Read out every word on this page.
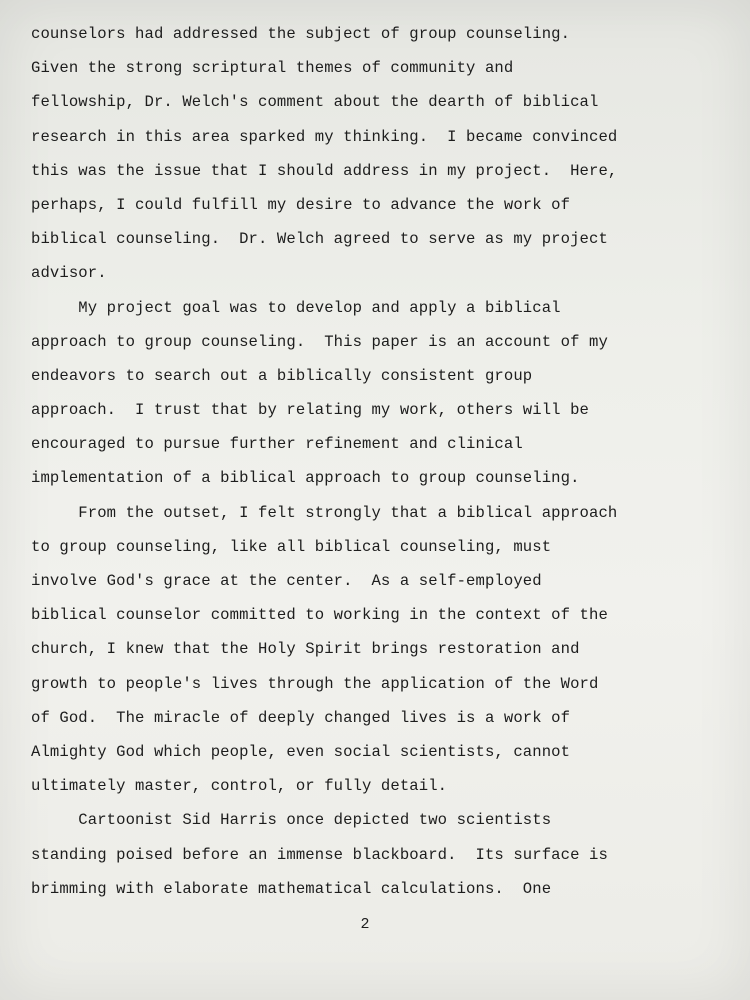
counselors had addressed the subject of group counseling.
Given the strong scriptural themes of community and
fellowship, Dr. Welch's comment about the dearth of biblical
research in this area sparked my thinking.  I became convinced
this was the issue that I should address in my project.  Here,
perhaps, I could fulfill my desire to advance the work of
biblical counseling.  Dr. Welch agreed to serve as my project
advisor.
My project goal was to develop and apply a biblical
approach to group counseling.  This paper is an account of my
endeavors to search out a biblically consistent group
approach.  I trust that by relating my work, others will be
encouraged to pursue further refinement and clinical
implementation of a biblical approach to group counseling.
From the outset, I felt strongly that a biblical approach
to group counseling, like all biblical counseling, must
involve God's grace at the center.  As a self-employed
biblical counselor committed to working in the context of the
church, I knew that the Holy Spirit brings restoration and
growth to people's lives through the application of the Word
of God.  The miracle of deeply changed lives is a work of
Almighty God which people, even social scientists, cannot
ultimately master, control, or fully detail.
Cartoonist Sid Harris once depicted two scientists
standing poised before an immense blackboard.  Its surface is
brimming with elaborate mathematical calculations.  One
2
